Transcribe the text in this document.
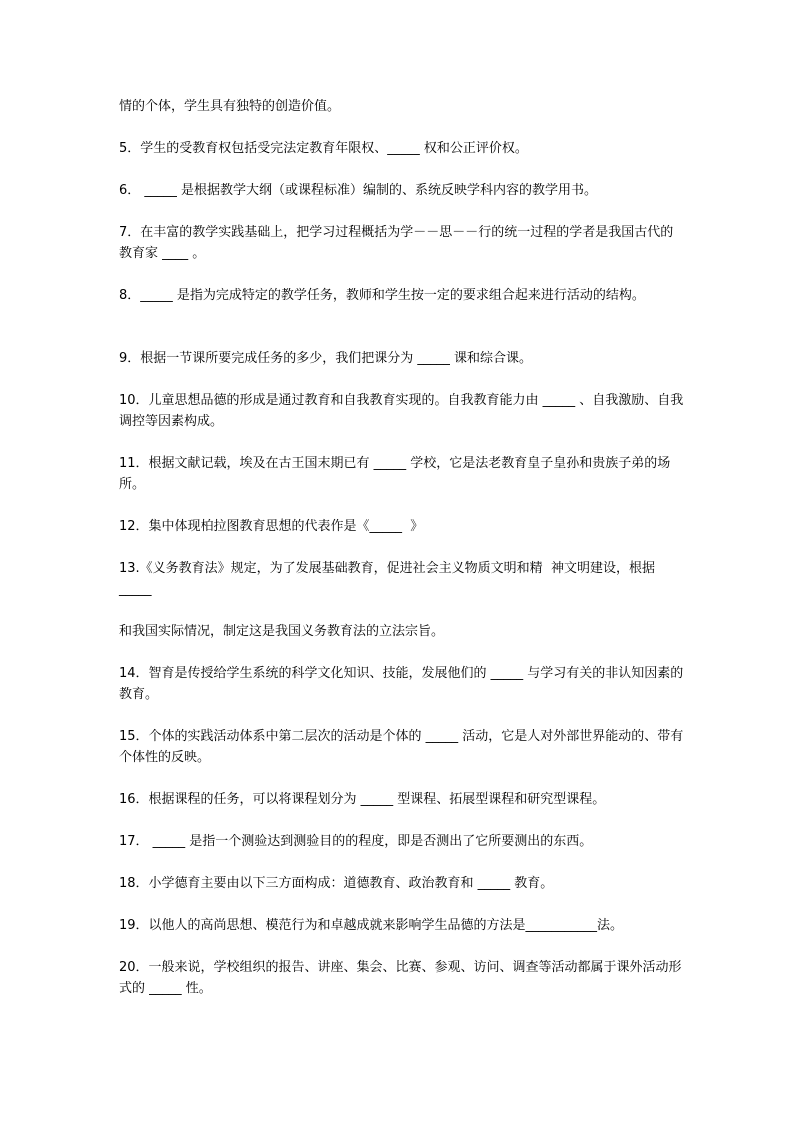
情的个体，学生具有独特的创造价值。

5．学生的受教育权包括受完法定教育年限权、_____ 权和公正评价权。

6． _____ 是根据教学大纲（或课程标准）编制的、系统反映学科内容的教学用书。

7．在丰富的教学实践基础上，把学习过程概括为学－－思－－行的统一过程的学者是我国古代的教育家 ____ 。

8．_____ 是指为完成特定的教学任务，教师和学生按一定的要求组合起来进行活动的结构。

9．根据一节课所要完成任务的多少，我们把课分为 _____ 课和综合课。

10．儿童思想品德的形成是通过教育和自我教育实现的。自我教育能力由 _____ 、自我激励、自我调控等因素构成。

11．根据文献记载，埃及在古王国末期已有 _____ 学校，它是法老教育皇子皇孙和贵族子弟的场所。

12．集中体现柏拉图教育思想的代表作是《_____  》

13.《义务教育法》规定，为了发展基础教育，促进社会主义物质文明和精  神文明建设，根据 _____

和我国实际情况，制定这是我国义务教育法的立法宗旨。

14．智育是传授给学生系统的科学文化知识、技能，发展他们的 _____ 与学习有关的非认知因素的教育。

15．个体的实践活动体系中第二层次的活动是个体的 _____ 活动，它是人对外部世界能动的、带有个体性的反映。

16．根据课程的任务，可以将课程划分为 _____ 型课程、拓展型课程和研究型课程。

17． _____ 是指一个测验达到测验目的的程度，即是否测出了它所要测出的东西。

18．小学德育主要由以下三方面构成：道德教育、政治教育和 _____ 教育。

19．以他人的高尚思想、模范行为和卓越成就来影响学生品德的方法是___________法。

20．一般来说，学校组织的报告、讲座、集会、比赛、参观、访问、调查等活动都属于课外活动形式的 _____ 性。
